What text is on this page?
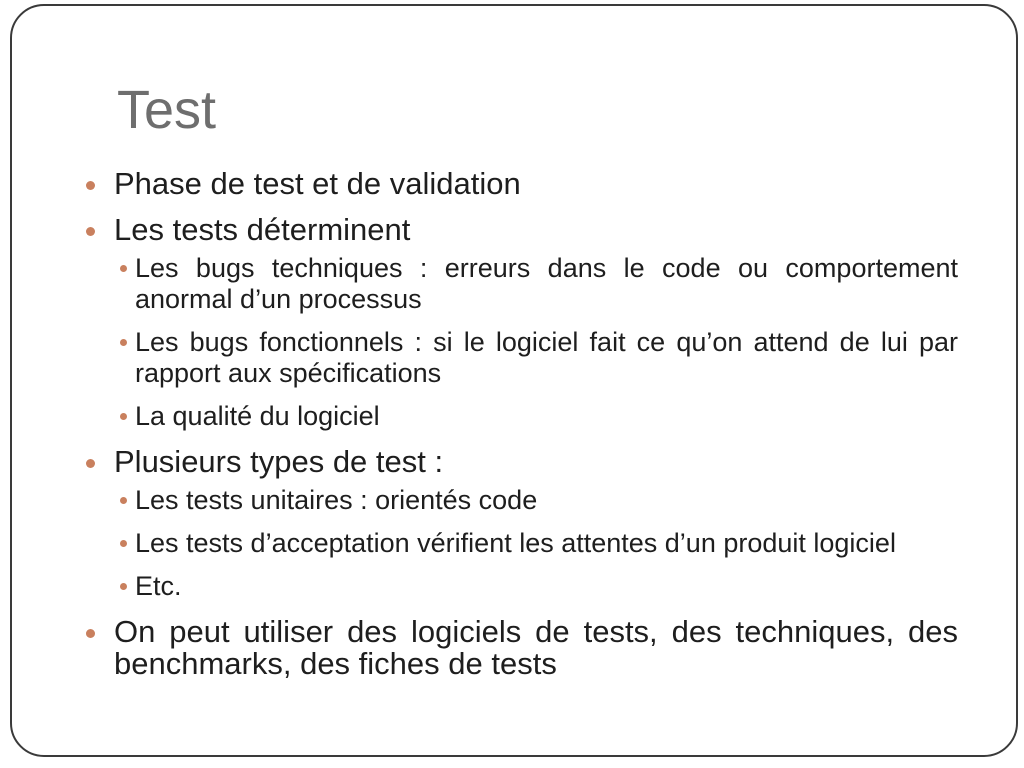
Test
Phase de test et de validation
Les tests déterminent
Les bugs techniques : erreurs dans le code ou comportement anormal d’un processus
Les bugs fonctionnels : si le logiciel fait ce qu’on attend de lui par rapport aux spécifications
La qualité du logiciel
Plusieurs types de test :
Les tests unitaires : orientés code
Les tests d’acceptation vérifient les attentes d’un produit logiciel
Etc.
On peut utiliser des logiciels de tests, des techniques, des benchmarks, des fiches de tests
